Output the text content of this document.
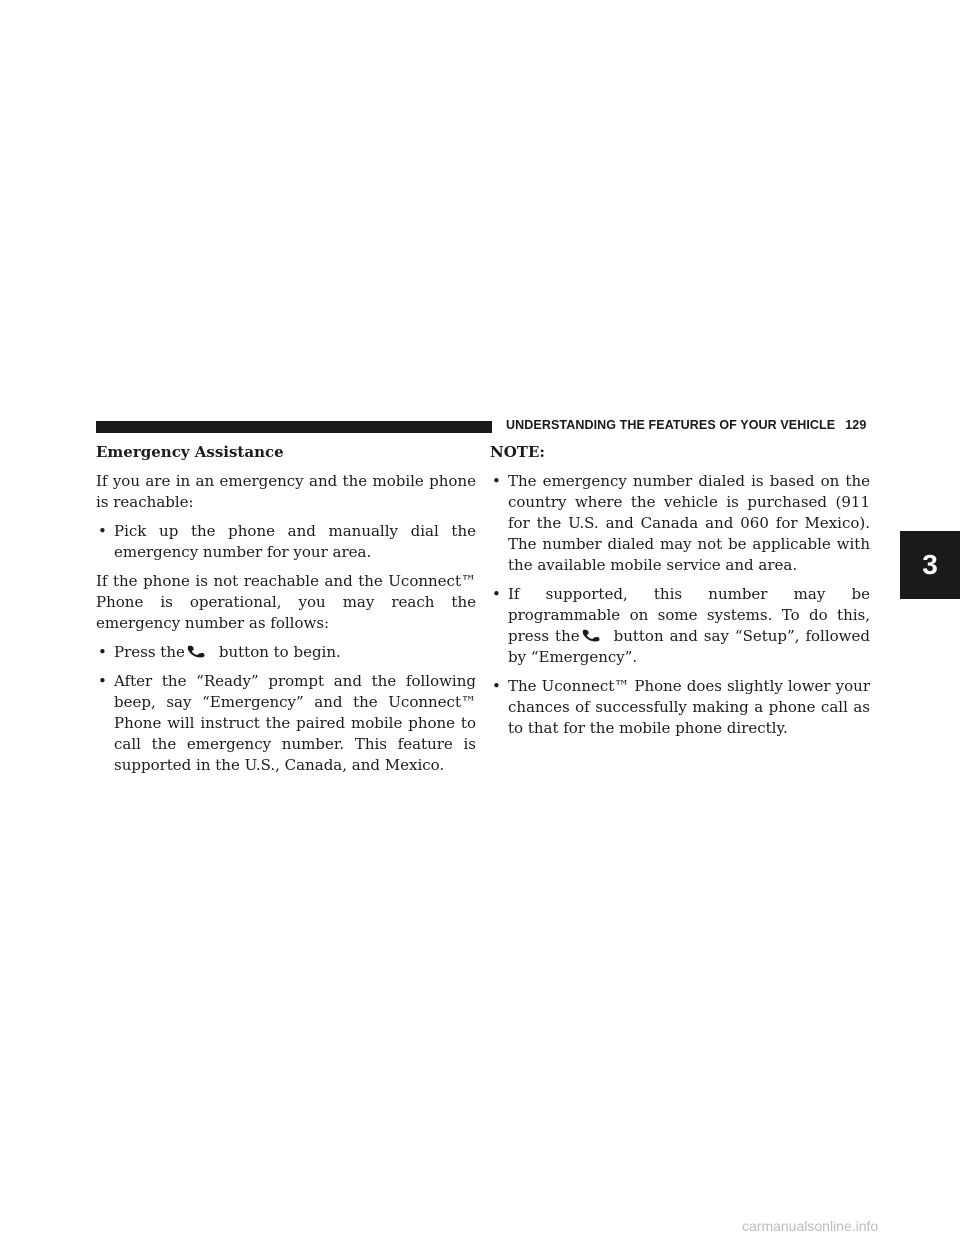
UNDERSTANDING THE FEATURES OF YOUR VEHICLE 129
3
Emergency Assistance

If you are in an emergency and the mobile phone is reachable:

• Pick up the phone and manually dial the emergency number for your area.

If the phone is not reachable and the Uconnect™ Phone is operational, you may reach the emergency number as follows:

• Press the button to begin.
• After the “Ready” prompt and the following beep, say “Emergency” and the Uconnect™ Phone will instruct the paired mobile phone to call the emergency number. This feature is supported in the U.S., Canada, and Mexico.
NOTE:
• The emergency number dialed is based on the country where the vehicle is purchased (911 for the U.S. and Canada and 060 for Mexico). The number dialed may not be applicable with the available mobile service and area.
• If supported, this number may be programmable on some systems. To do this, press the button and say “Setup”, followed by “Emergency”.
• The Uconnect™ Phone does slightly lower your chances of successfully making a phone call as to that for the mobile phone directly.
carmanualsonline.info
